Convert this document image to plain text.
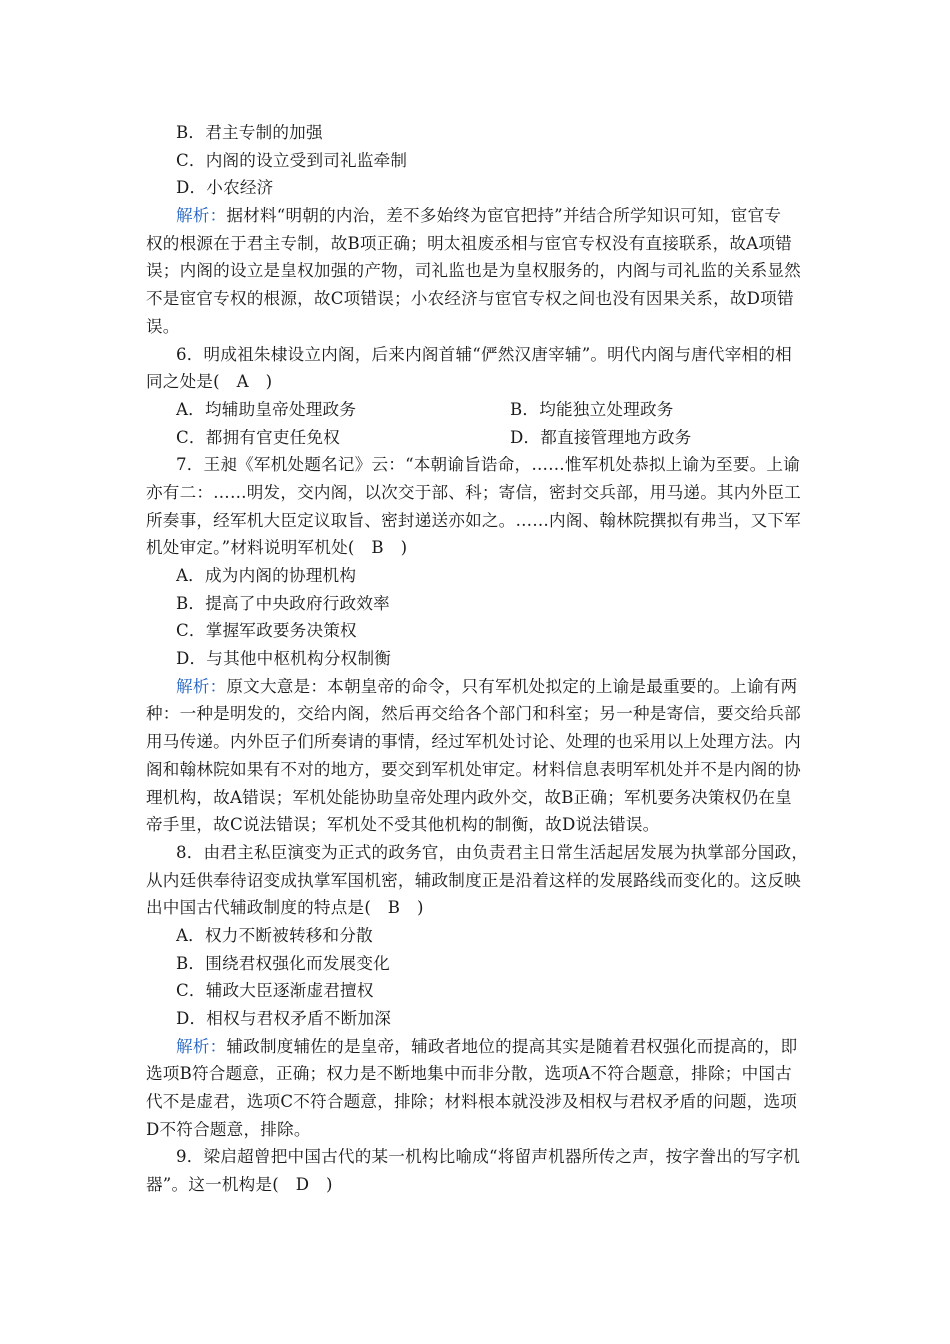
B．君主专制的加强
C．内阁的设立受到司礼监牵制
D．小农经济
解析：据材料“明朝的内治，差不多始终为宦官把持”并结合所学知识可知，宦官专
权的根源在于君主专制，故B项正确；明太祖废丞相与宦官专权没有直接联系，故A项错
误；内阁的设立是皇权加强的产物，司礼监也是为皇权服务的，内阁与司礼监的关系显然
不是宦官专权的根源，故C项错误；小农经济与宦官专权之间也没有因果关系，故D项错
误。
6．明成祖朱棣设立内阁，后来内阁首辅“俨然汉唐宰辅”。明代内阁与唐代宰相的相
同之处是(　A　)
A．均辅助皇帝处理政务	B．均能独立处理政务
C．都拥有官吏任免权	D．都直接管理地方政务
7．王昶《军机处题名记》云：“本朝谕旨诰命，……惟军机处恭拟上谕为至要。上谕
亦有二：……明发，交内阁，以次交于部、科；寄信，密封交兵部，用马递。其内外臣工
所奏事，经军机大臣定议取旨、密封递送亦如之。……内阁、翰林院撰拟有弗当，又下军
机处审定。”材料说明军机处(　B　)
A．成为内阁的协理机构
B．提高了中央政府行政效率
C．掌握军政要务决策权
D．与其他中枢机构分权制衡
解析：原文大意是：本朝皇帝的命令，只有军机处拟定的上谕是最重要的。上谕有两
种：一种是明发的，交给内阁，然后再交给各个部门和科室；另一种是寄信，要交给兵部
用马传递。内外臣子们所奏请的事情，经过军机处讨论、处理的也采用以上处理方法。内
阁和翰林院如果有不对的地方，要交到军机处审定。材料信息表明军机处并不是内阁的协
理机构，故A错误；军机处能协助皇帝处理内政外交，故B正确；军机要务决策权仍在皇
帝手里，故C说法错误；军机处不受其他机构的制衡，故D说法错误。
8．由君主私臣演变为正式的政务官，由负责君主日常生活起居发展为执掌部分国政，
从内廷供奉待诏变成执掌军国机密，辅政制度正是沿着这样的发展路线而变化的。这反映
出中国古代辅政制度的特点是(　B　)
A．权力不断被转移和分散
B．围绕君权强化而发展变化
C．辅政大臣逐渐虚君擅权
D．相权与君权矛盾不断加深
解析：辅政制度辅佐的是皇帝，辅政者地位的提高其实是随着君权强化而提高的，即
选项B符合题意，正确；权力是不断地集中而非分散，选项A不符合题意，排除；中国古
代不是虚君，选项C不符合题意，排除；材料根本就没涉及相权与君权矛盾的问题，选项
D不符合题意，排除。
9．梁启超曾把中国古代的某一机构比喻成“将留声机器所传之声，按字誊出的写字机
器”。这一机构是(　D　)
